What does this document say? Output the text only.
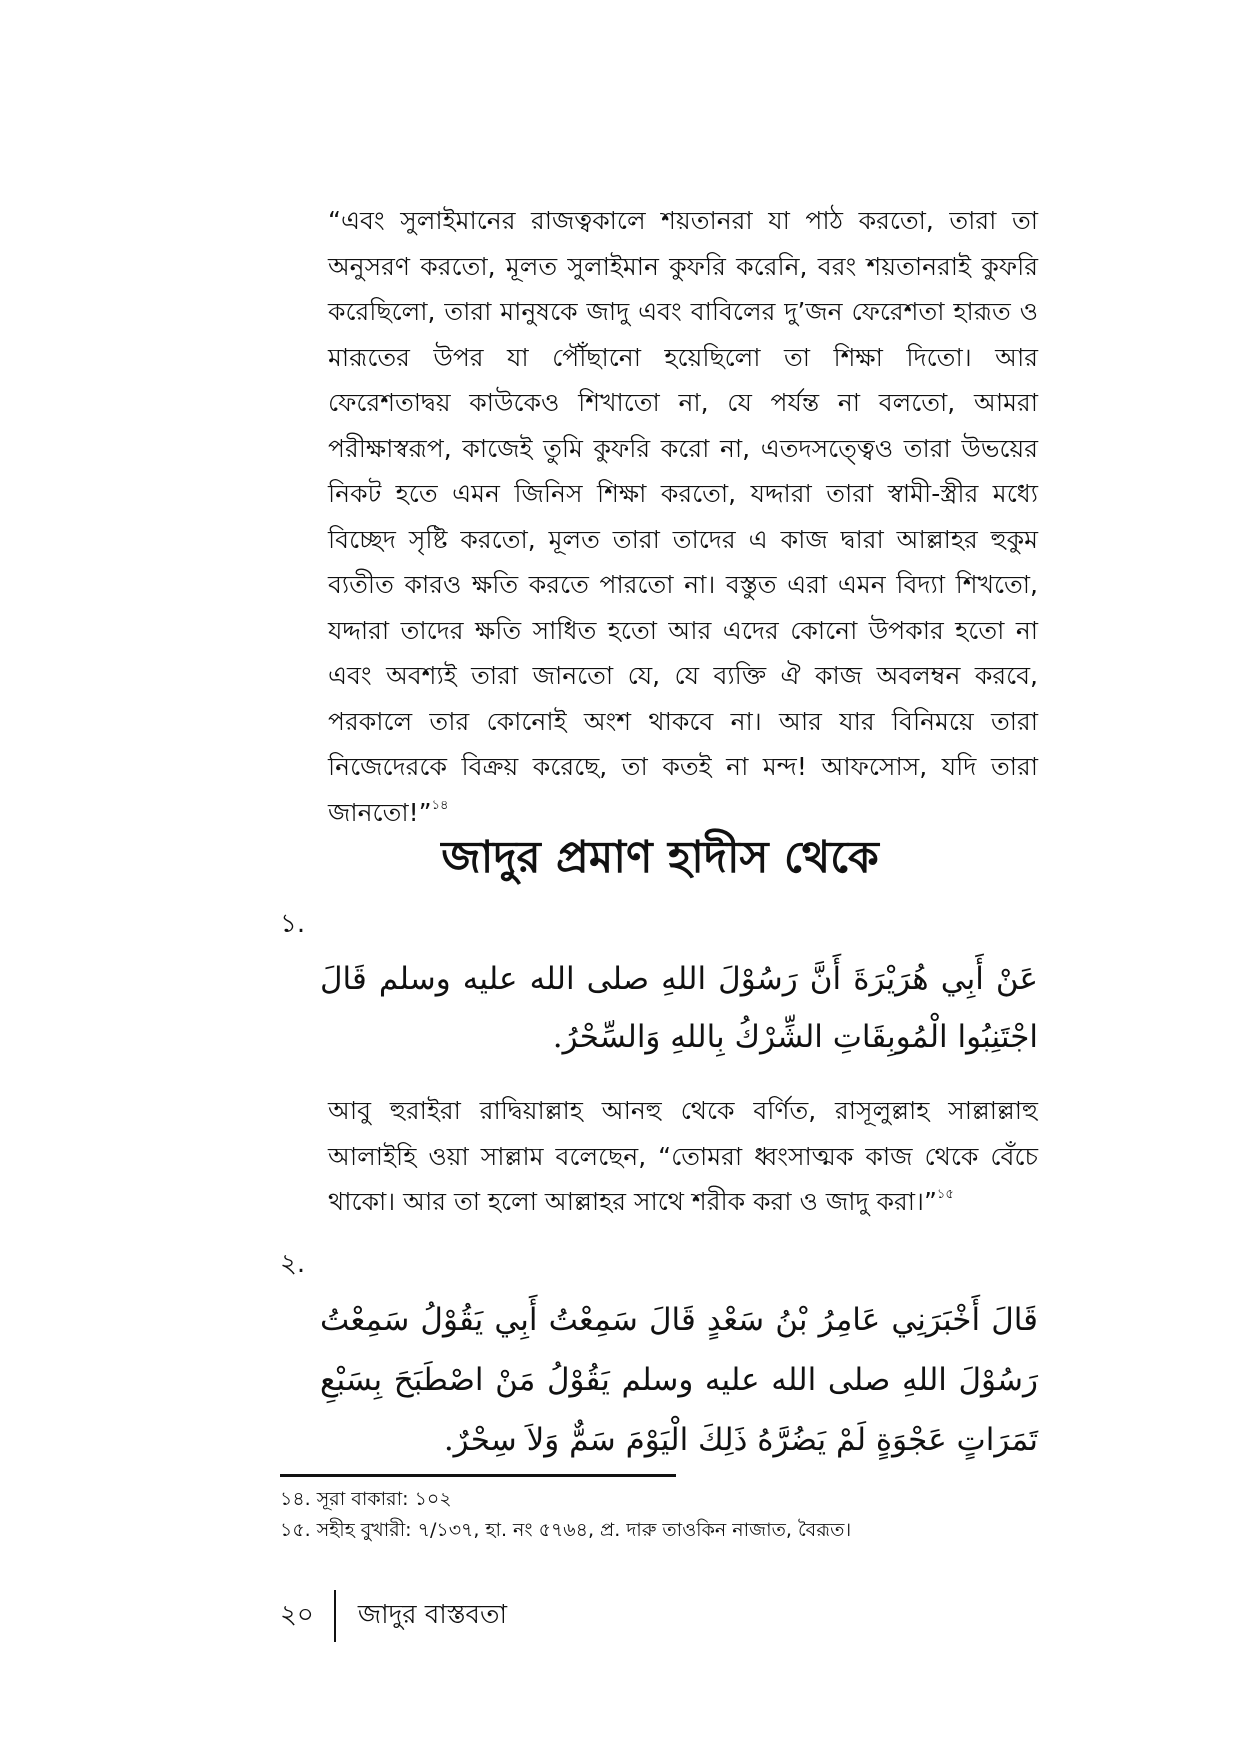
“এবং সুলাইমানের রাজত্বকালে শয়তানরা যা পাঠ করতো, তারা তা অনুসরণ করতো, মূলত সুলাইমান কুফরি করেনি, বরং শয়তানরাই কুফরি করেছিলো, তারা মানুষকে জাদু এবং বাবিলের দু’জন ফেরেশতা হারূত ও মারূতের উপর যা পৌঁছানো হয়েছিলো তা শিক্ষা দিতো। আর ফেরেশতাদ্বয় কাউকেও শিখাতো না, যে পর্যন্ত না বলতো, আমরা পরীক্ষাস্বরূপ, কাজেই তুমি কুফরি করো না, এতদসত্ত্বেও তারা উভয়ের নিকট হতে এমন জিনিস শিক্ষা করতো, যদ্দারা তারা স্বামী-স্ত্রীর মধ্যে বিচ্ছেদ সৃষ্টি করতো, মূলত তারা তাদের এ কাজ দ্বারা আল্লাহর হুকুম ব্যতীত কারও ক্ষতি করতে পারতো না। বস্তুত এরা এমন বিদ্যা শিখতো, যদ্দারা তাদের ক্ষতি সাধিত হতো আর এদের কোনো উপকার হতো না এবং অবশ্যই তারা জানতো যে, যে ব্যক্তি ঐ কাজ অবলম্বন করবে, পরকালে তার কোনোই অংশ থাকবে না। আর যার বিনিময়ে তারা নিজেদেরকে বিক্রয় করেছে, তা কতই না মন্দ! আফসোস, যদি তারা জানতো!”$^{১৪}$
জাদুর প্রমাণ হাদীস থেকে
১.
عَنْ أَبِي هُرَيْرَةَ أَنَّ رَسُوْلَ اللهِ صلى الله عليه وسلم قَالَ اجْتَنِبُوا الْمُوبِقَاتِ الشِّرْكُ بِاللهِ وَالسِّحْرُ.
আবু হুরাইরা রাদ্বিয়াল্লাহ আনহু থেকে বর্ণিত, রাসূলুল্লাহ সাল্লাল্লাহু আলাইহি ওয়া সাল্লাম বলেছেন, “তোমরা ধ্বংসাত্মক কাজ থেকে বেঁচে থাকো। আর তা হলো আল্লাহর সাথে শরীক করা ও জাদু করা।”$^{১৫}$
২.
قَالَ أَخْبَرَنِي عَامِرُ بْنُ سَعْدٍ قَالَ سَمِعْتُ أَبِي يَقُوْلُ سَمِعْتُ رَسُوْلَ اللهِ صلى الله عليه وسلم يَقُوْلُ مَنْ اصْطَبَحَ بِسَبْعِ تَمَرَاتٍ عَجْوَةٍ لَمْ يَضُرَّهُ ذَلِكَ الْيَوْمَ سَمٌّ وَلاَ سِحْرٌ.
১৪. সূরা বাকারা: ১০২
১৫. সহীহ বুখারী: ৭/১৩৭, হা. নং ৫৭৬৪, প্র. দারু তাওকিন নাজাত, বৈরূত।
২০ জাদুর বাস্তবতা
